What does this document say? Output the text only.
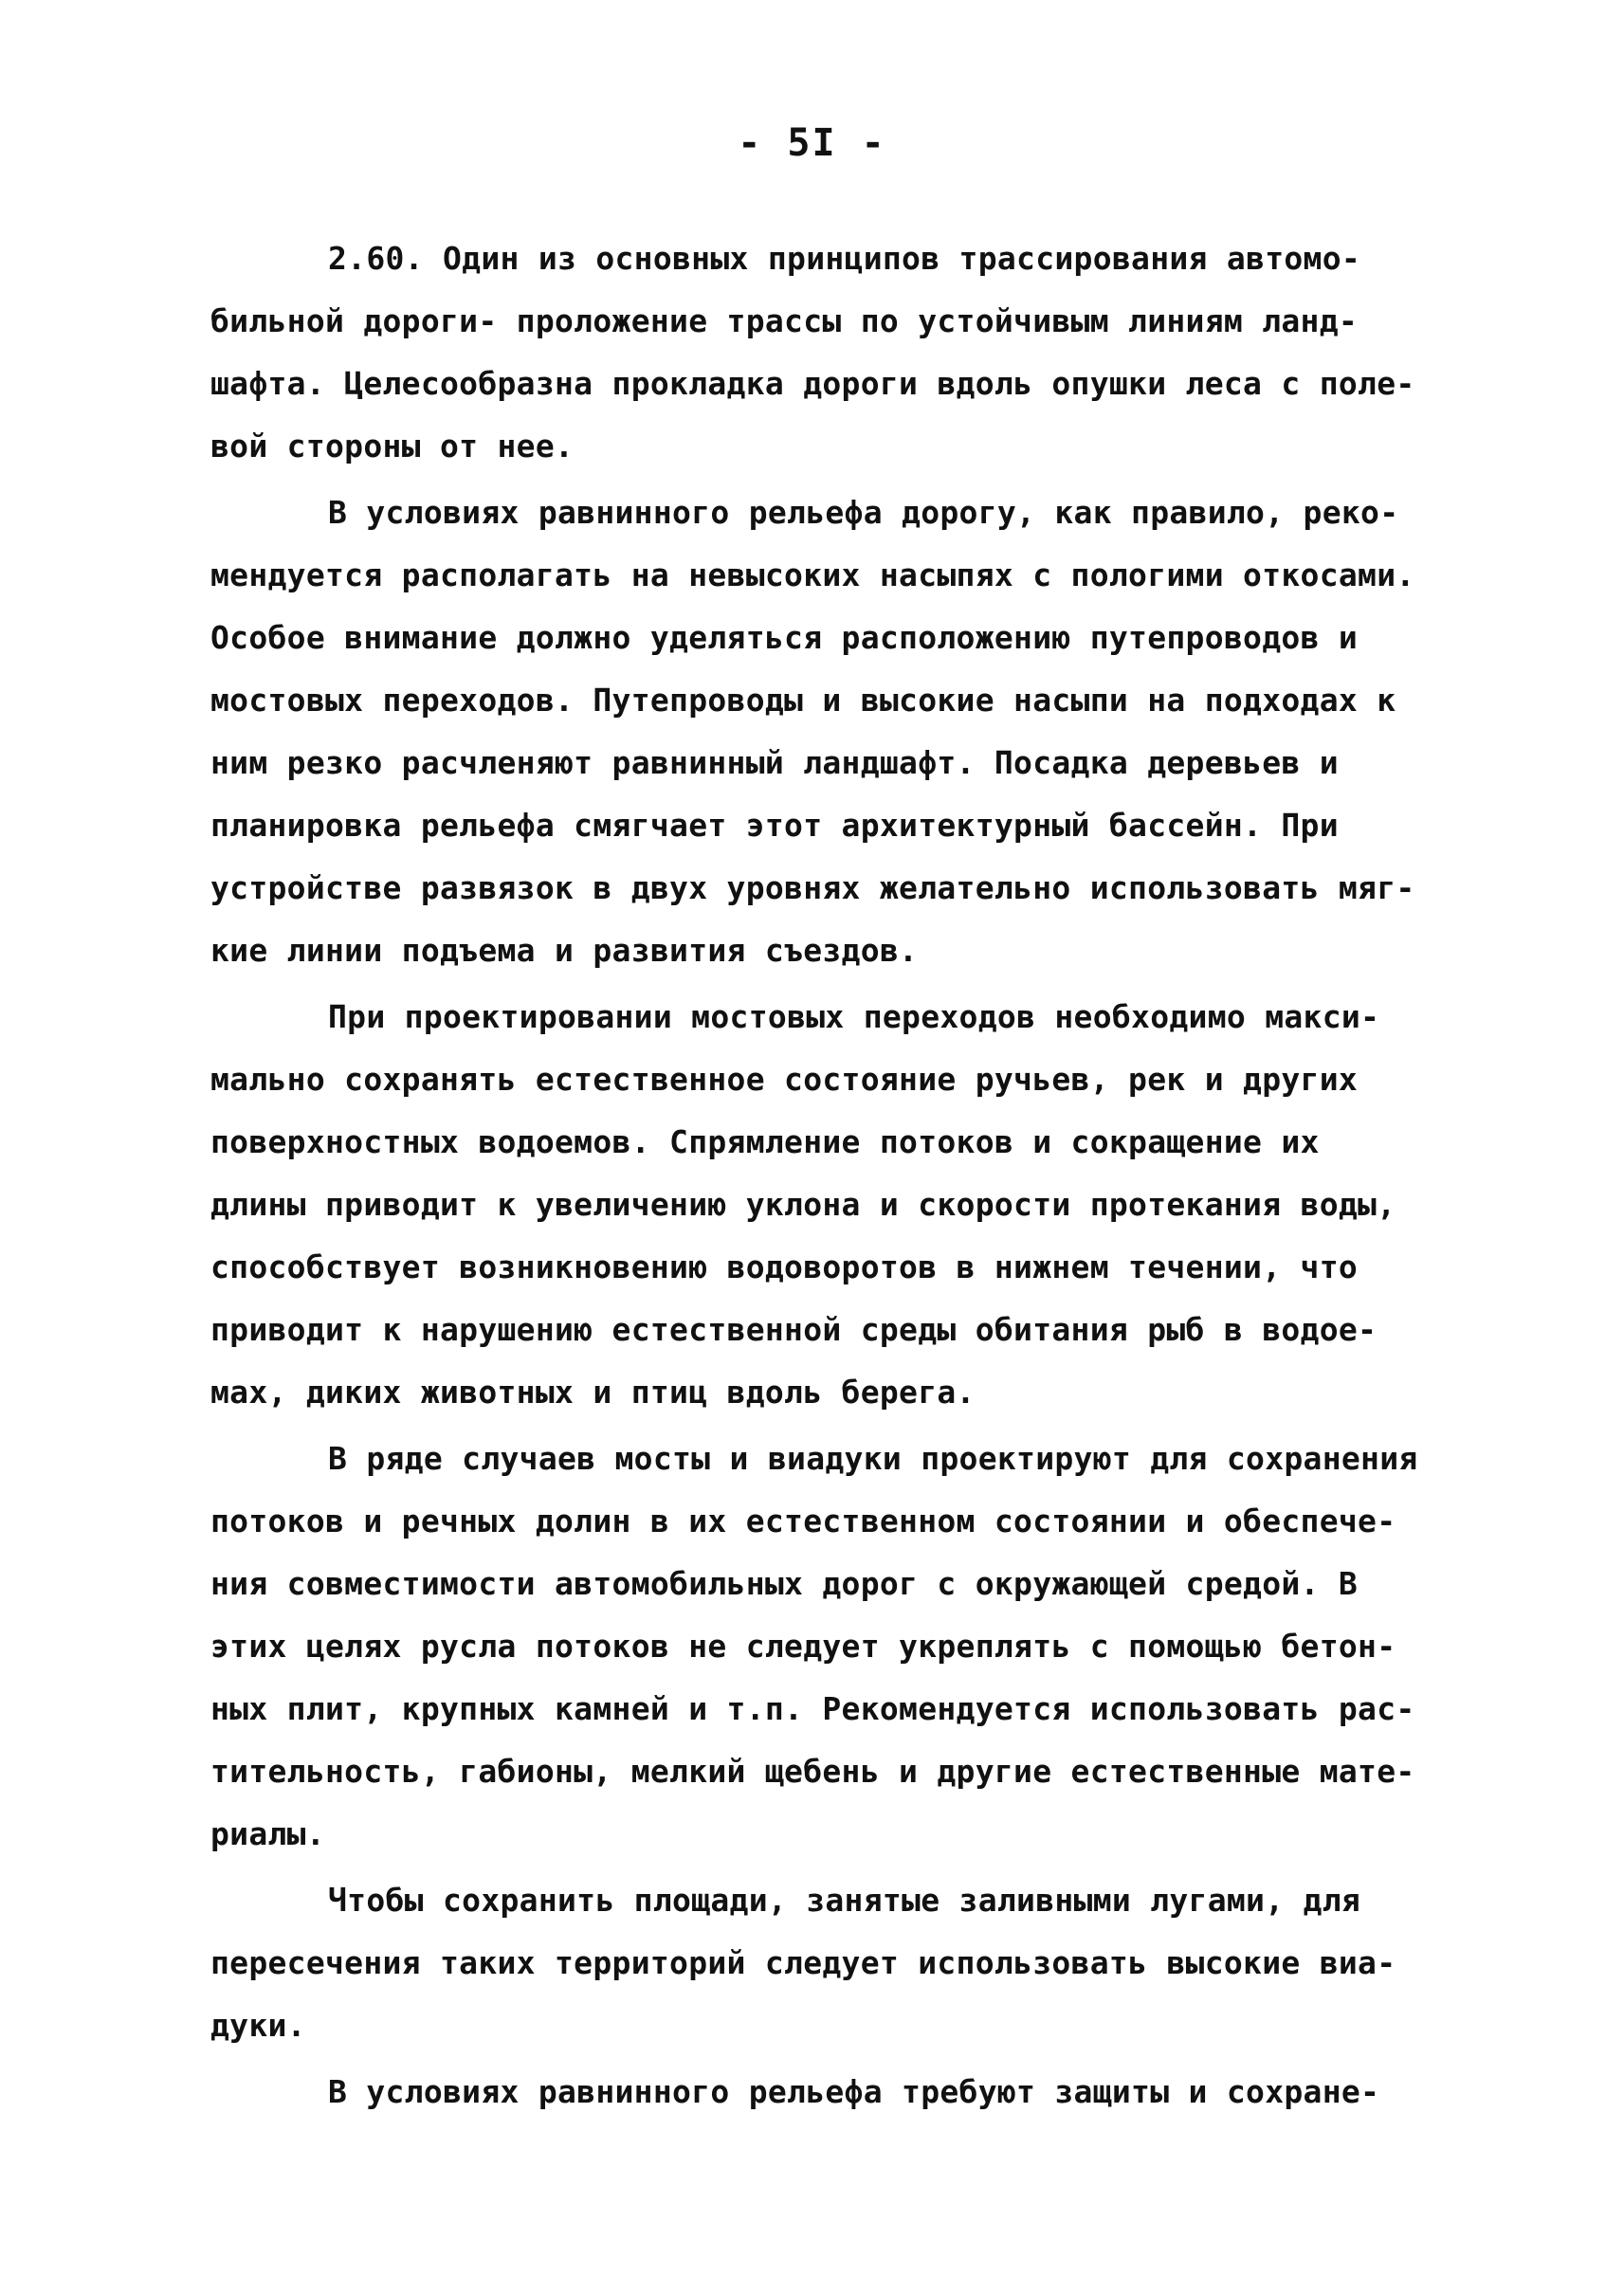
- 5I -
2.60. Один из основных принципов трассирования автомо-
бильной дороги- проложение трассы по устойчивым линиям ланд-
шафта. Целесообразна прокладка дороги вдоль опушки леса с поле-
вой стороны от нее.
В условиях равнинного рельефа дорогу, как правило, реко-
мендуется располагать на невысоких насыпях с пологими откосами.
Особое внимание должно уделяться расположению путепроводов и
мостовых переходов. Путепроводы и высокие насыпи на подходах к
ним резко расчленяют равнинный ландшафт. Посадка деревьев и
планировка рельефа смягчает этот архитектурный бассейн. При
устройстве развязок в двух уровнях желательно использовать мяг-
кие линии подъема и развития съездов.
При проектировании мостовых переходов необходимо макси-
мально сохранять естественное состояние ручьев, рек и других
поверхностных водоемов. Спрямление потоков и сокращение их
длины приводит к увеличению уклона и скорости протекания воды,
способствует возникновению водоворотов в нижнем течении, что
приводит к нарушению естественной среды обитания рыб в водое-
мах, диких животных и птиц вдоль берега.
В ряде случаев мосты и виадуки проектируют для сохранения
потоков и речных долин в их естественном состоянии и обеспече-
ния совместимости автомобильных дорог с окружающей средой. В
этих целях русла потоков не следует укреплять с помощью бетон-
ных плит, крупных камней и т.п. Рекомендуется использовать рас-
тительность, габионы, мелкий щебень и другие естественные мате-
риалы.
Чтобы сохранить площади, занятые заливными лугами, для
пересечения таких территорий следует использовать высокие виа-
дуки.
В условиях равнинного рельефа требуют защиты и сохране-
